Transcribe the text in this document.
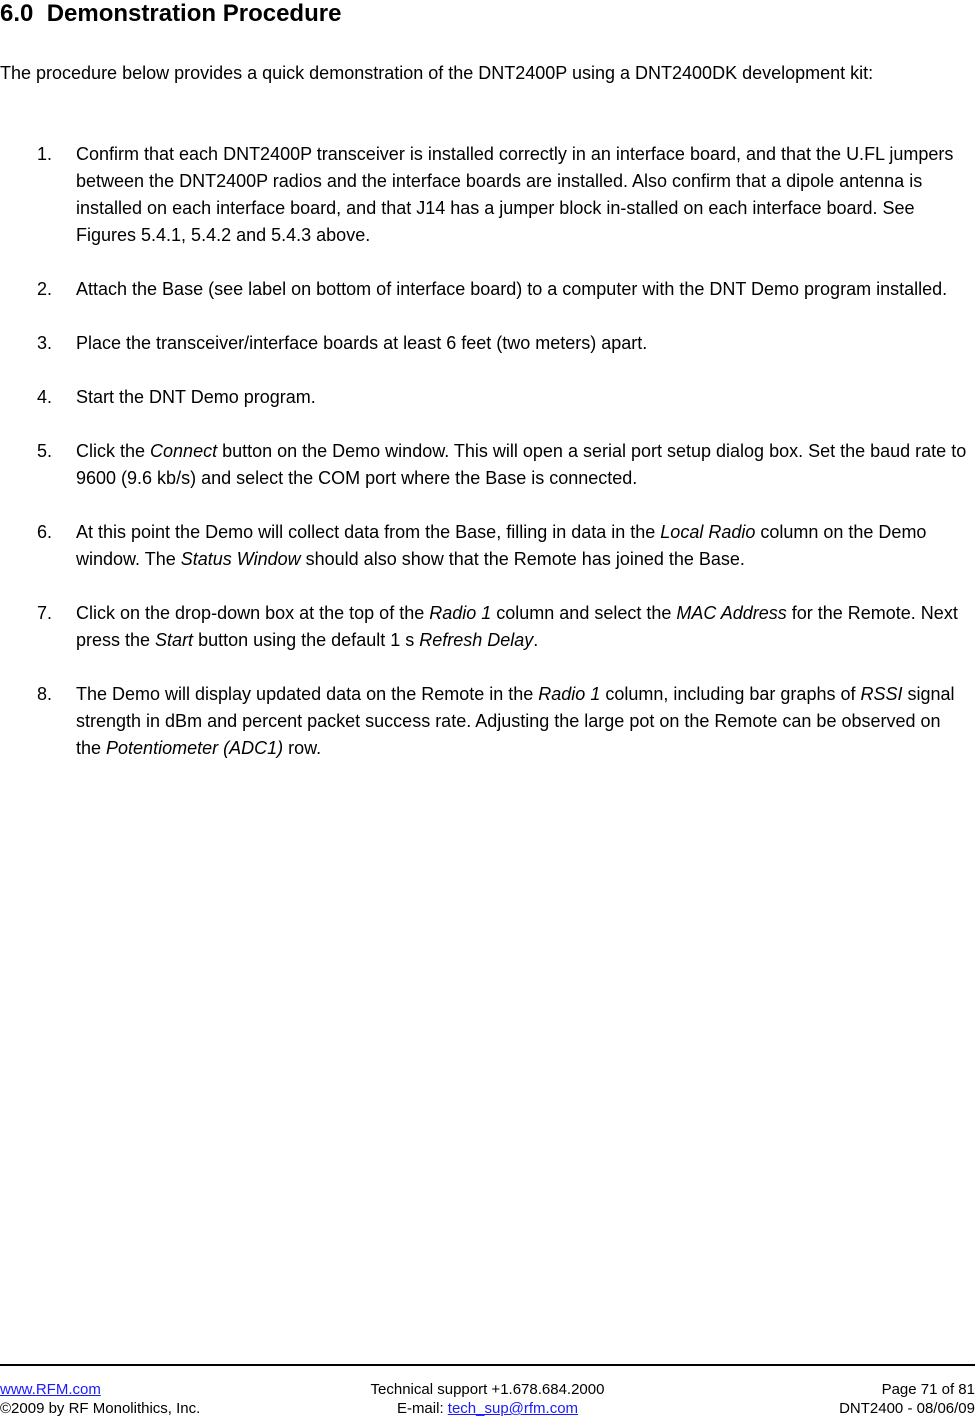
6.0  Demonstration Procedure

The procedure below provides a quick demonstration of the DNT2400P using a DNT2400DK development kit:

1. Confirm that each DNT2400P transceiver is installed correctly in an interface board, and that the U.FL jumpers between the DNT2400P radios and the interface boards are installed. Also confirm that a dipole antenna is installed on each interface board, and that J14 has a jumper block in-stalled on each interface board. See Figures 5.4.1, 5.4.2 and 5.4.3 above.
2. Attach the Base (see label on bottom of interface board) to a computer with the DNT Demo program installed.
3. Place the transceiver/interface boards at least 6 feet (two meters) apart.
4. Start the DNT Demo program.
5. Click the Connect button on the Demo window. This will open a serial port setup dialog box. Set the baud rate to 9600 (9.6 kb/s) and select the COM port where the Base is connected.
6. At this point the Demo will collect data from the Base, filling in data in the Local Radio column on the Demo window. The Status Window should also show that the Remote has joined the Base.
7. Click on the drop-down box at the top of the Radio 1 column and select the MAC Address for the Remote. Next press the Start button using the default 1 s Refresh Delay.
8. The Demo will display updated data on the Remote in the Radio 1 column, including bar graphs of RSSI signal strength in dBm and percent packet success rate. Adjusting the large pot on the Remote can be observed on the Potentiometer (ADC1) row.
Technical support +1.678.684.2000
E-mail: tech_sup@rfm.com
www.RFM.com
©2009 by RF Monolithics, Inc.
Page 71 of 81
DNT2400 - 08/06/09
